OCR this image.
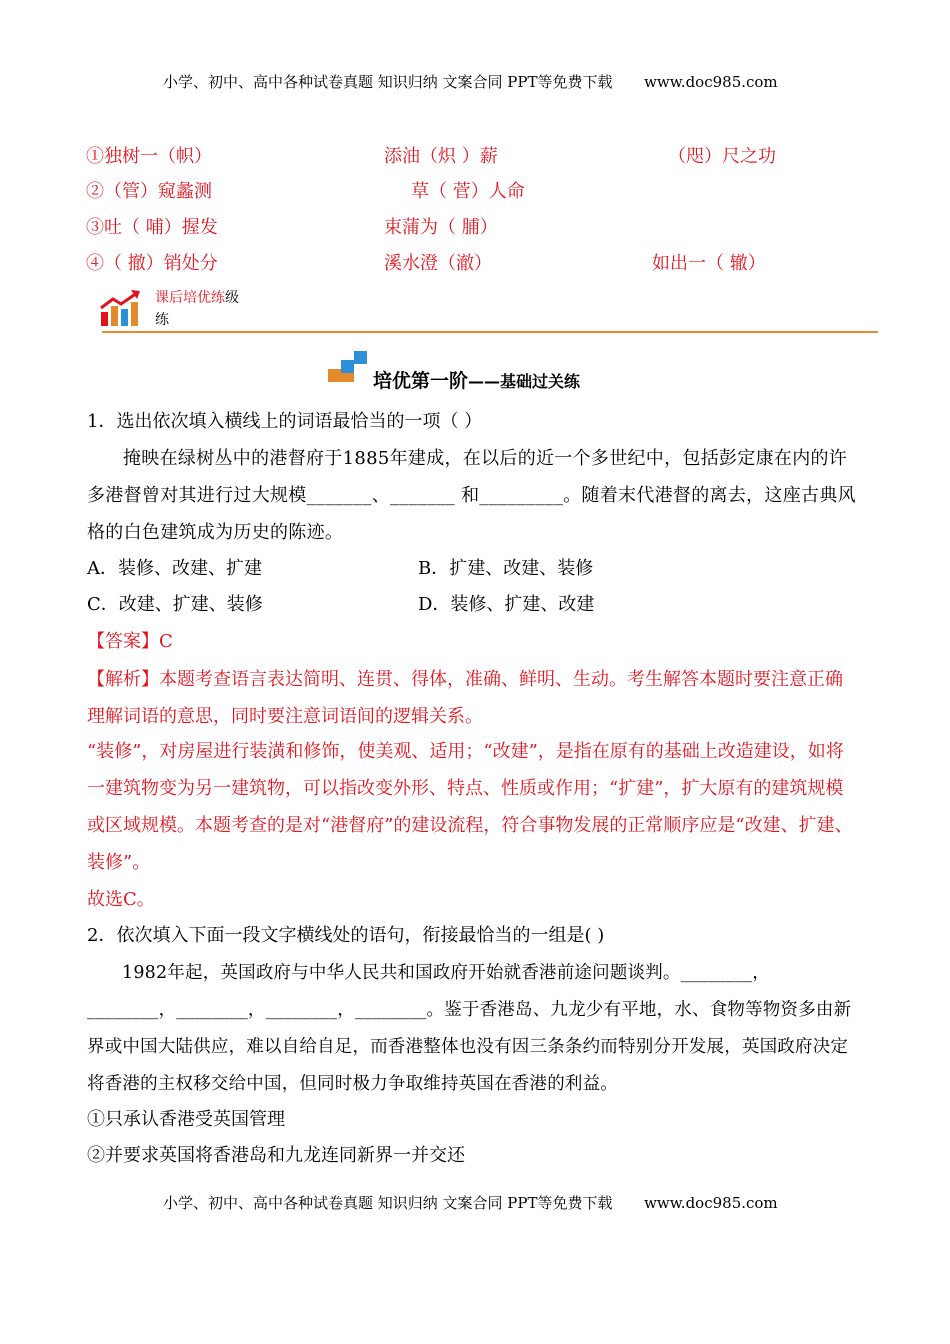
小学、初中、高中各种试卷真题 知识归纳 文案合同 PPT等免费下载 www.doc985.com
①独树一（帜）	添油（炽 ）薪	（咫）尺之功
②（管）窥蠡测	草（ 菅）人命
③吐（ 哺）握发	束蒲为（ 脯）
④（ 撤）销处分	溪水澄（澈）	如出一（ 辙）
课后培优练级
练
培优第一阶——基础过关练
1．选出依次填入横线上的词语最恰当的一项（ ）

掩映在绿树丛中的港督府于1885年建成，在以后的近一个多世纪中，包括彭定康在内的许多港督曾对其进行过大规模_______、_______ 和_________。随着末代港督的离去，这座古典风格的白色建筑成为历史的陈迹。

A．装修、改建、扩建	B．扩建、改建、装修
C．改建、扩建、装修	D．装修、扩建、改建
【答案】C

【解析】本题考查语言表达简明、连贯、得体，准确、鲜明、生动。考生解答本题时要注意正确理解词语的意思，同时要注意词语间的逻辑关系。

“装修”，对房屋进行装潢和修饰，使美观、适用；“改建”，是指在原有的基础上改造建设，如将一建筑物变为另一建筑物，可以指改变外形、特点、性质或作用；“扩建”，扩大原有的建筑规模或区域规模。本题考查的是对“港督府”的建设流程，符合事物发展的正常顺序应是“改建、扩建、装修”。

故选C。
2．依次填入下面一段文字横线处的语句，衔接最恰当的一组是( )

1982年起，英国政府与中华人民共和国政府开始就香港前途问题谈判。________，________，________，________，________。鉴于香港岛、九龙少有平地，水、食物等物资多由新界或中国大陆供应，难以自给自足，而香港整体也没有因三条条约而特别分开发展，英国政府决定将香港的主权移交给中国，但同时极力争取维持英国在香港的利益。

①只承认香港受英国管理
②并要求英国将香港岛和九龙连同新界一并交还
小学、初中、高中各种试卷真题 知识归纳 文案合同 PPT等免费下载 www.doc985.com
